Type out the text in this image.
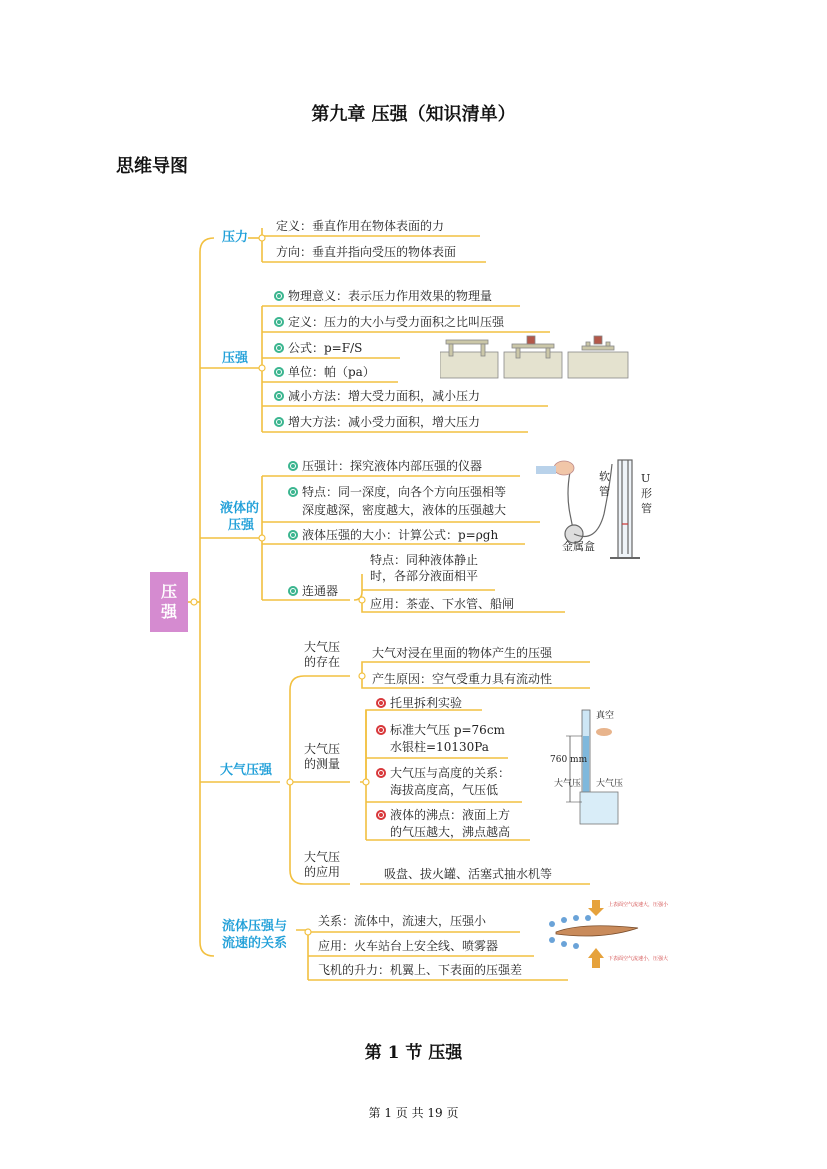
第九章 压强（知识清单）
思维导图
压
强
压力
定义：垂直作用在物体表面的力
方向：垂直并指向受压的物体表面
压强
物理意义：表示压力作用效果的物理量
定义：压力的大小与受力面积之比叫压强
公式：p=F/S
单位：帕（pa）
减小方法：增大受力面积，减小压力
增大方法：减小受力面积，增大压力
液体的
压强
压强计：探究液体内部压强的仪器
特点：同一深度，向各个方向压强相等
深度越深，密度越大，液体的压强越大
液体压强的大小：计算公式：p=ρgh
连通器
特点：同种液体静止
时，各部分液面相平
应用：茶壶、下水管、船闸
软
管
U
形
管
金属盒
大气压强
大气压
的存在
大气对浸在里面的物体产生的压强
产生原因：空气受重力具有流动性
大气压
的测量
托里拆利实验
标准大气压 p=76cm
水银柱=10130Pa
大气压与高度的关系：
海拔高度高，气压低
液体的沸点：液面上方
的气压越大，沸点越高
大气压
的应用	吸盘、拔火罐、活塞式抽水机等
真空
760 mm
大气压 大气压
流体压强与
流速的关系
关系：流体中，流速大，压强小
应用：火车站台上安全线、喷雾器
飞机的升力：机翼上、下表面的压强差
上表面空气流速大，压强小
下表面空气流速小，压强大
第 1 节 压强
第 1 页 共 19 页
